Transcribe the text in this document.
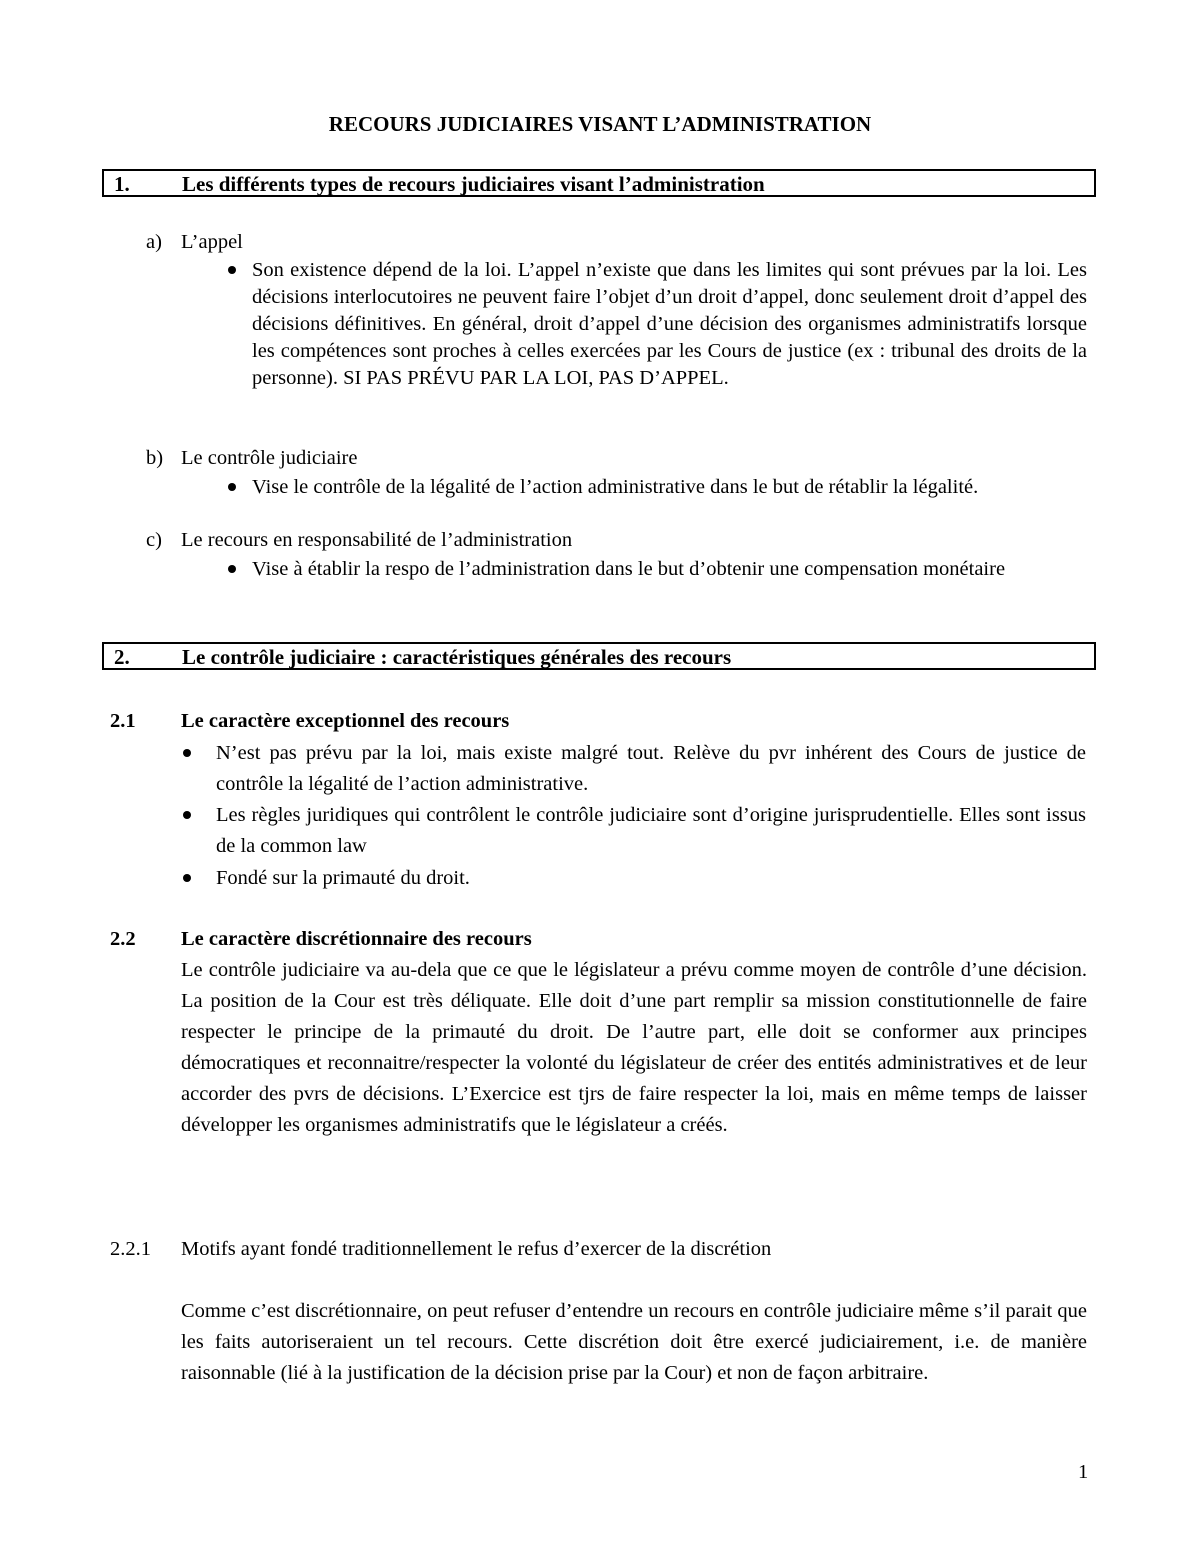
RECOURS JUDICIAIRES VISANT L’ADMINISTRATION
1. Les différents types de recours judiciaires visant l’administration
a) L’appel
Son existence dépend de la loi. L’appel n’existe que dans les limites qui sont prévues par la loi. Les décisions interlocutoires ne peuvent faire l’objet d’un droit d’appel, donc seulement droit d’appel des décisions définitives. En général, droit d’appel d’une décision des organismes administratifs lorsque les compétences sont proches à celles exercées par les Cours de justice (ex : tribunal des droits de la personne). SI PAS PRÉVU PAR LA LOI, PAS D’APPEL.
b) Le contrôle judiciaire
Vise le contrôle de la légalité de l’action administrative dans le but de rétablir la légalité.
c) Le recours en responsabilité de l’administration
Vise à établir la respo de l’administration dans le but d’obtenir une compensation monétaire
2. Le contrôle judiciaire : caractéristiques générales des recours
2.1 Le caractère exceptionnel des recours
N’est pas prévu par la loi, mais existe malgré tout. Relève du pvr inhérent des Cours de justice de contrôle la légalité de l’action administrative.
Les règles juridiques qui contrôlent le contrôle judiciaire sont d’origine jurisprudentielle. Elles sont issus de la common law
Fondé sur la primauté du droit.
2.2 Le caractère discrétionnaire des recours
Le contrôle judiciaire va au-dela que ce que le législateur a prévu comme moyen de contrôle d’une décision. La position de la Cour est très déliquate. Elle doit d’une part remplir sa mission constitutionnelle de faire respecter le principe de la primauté du droit. De l’autre part, elle doit se conformer aux principes démocratiques et reconnaitre/respecter la volonté du législateur de créer des entités administratives et de leur accorder des pvrs de décisions. L’Exercice est tjrs de faire respecter la loi, mais en même temps de laisser développer les organismes administratifs que le législateur a créés.
2.2.1 Motifs ayant fondé traditionnellement le refus d’exercer de la discrétion
Comme c’est discrétionnaire, on peut refuser d’entendre un recours en contrôle judiciaire même s’il parait que les faits autoriseraient un tel recours. Cette discrétion doit être exercé judiciairement, i.e. de manière raisonnable (lié à la justification de la décision prise par la Cour) et non de façon arbitraire.
1
